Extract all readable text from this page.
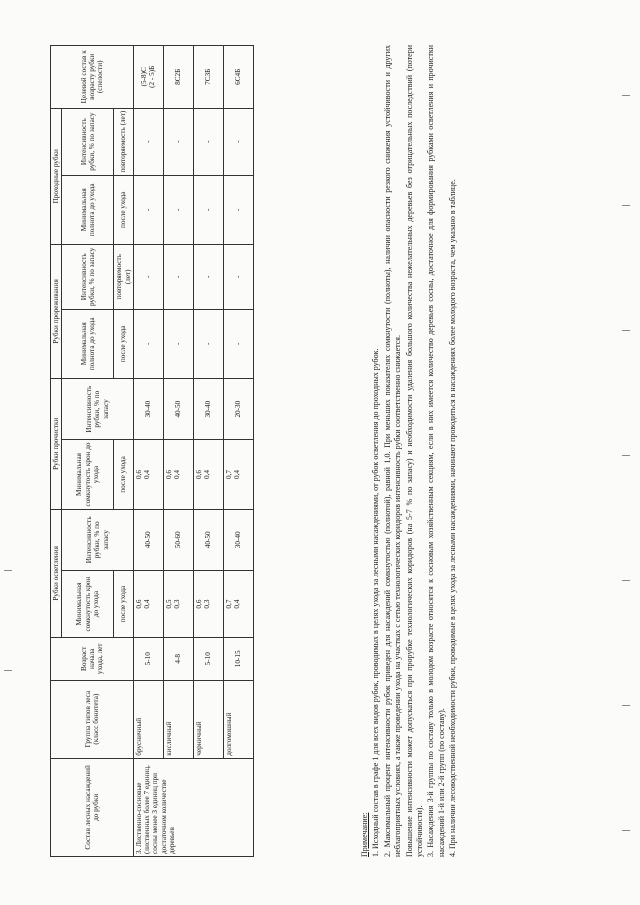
Состав лесных насаждений до рубки	Группа типов леса (класс бонитета)	Возраст начала ухода, лет	Рубки осветления		Рубки прочистки		Рубки прореживания		Проходные рубки		Целевой состав к возрасту рубки (спелости)
			Минимальная сомкнутость крон до ухода	Интенсивность рубки, % по запасу	Минимальная сомкнутость крон до ухода	Интенсивность рубки, % по запасу	Минимальная полнота до ухода	Интенсивность рубки, % по запасу	Минимальная полнота до ухода	Интенсивность рубки, % по запасу	
			после ухода		после ухода		после ухода	повторяемость (лет)	после ухода	повторяемость (лет)	
3. Лиственно-сосновые (лиственных более 7 единиц, сосны менее 3 единиц при достаточном количестве деревьев	брусничный	5-10	0,6 0,4	40-50	0,6 0,4	30-40	-	-	-	-	(5-8)С (2 - 5)Б

	кисличный	4-8	0,5 0,3	50-60	0,6 0,4	40-50	-	-	-	-	8С2Б

	черничный	5-10	0,6 0,3	40-50	0,6 0,4	30-40	-	-	-	-	7С3Б

	долгомошный	10-15	0,7 0,4	30-40	0,7 0,4	20-30	-	-	-	-	6С4Б

Примечание: 1. Исходный состав в графе 1 для всех видов рубок, проводимых в целях ухода за лесными насаждениями, от рубок осветления до проходных рубок. 2. Максимальный процент интенсивности рубок приведен для насаждений сомкнутостью (полнотой), равной 1,0. При меньших показателях сомкнутости (полноты), наличии опасности резкого снижения устойчивости и других неблагоприятных условиях, а также проведении ухода на участках с сетью технологических коридоров интенсивность рубки соответственно снижается. Повышение интенсивности может допускаться при прорубке технологических коридоров (на 5-7 % по запасу) и необходимости удаления большого количества нежелательных деревьев без отрицательных последствий (потери устойчивости). 3. Насаждения 3-й группы по составу только в молодом возрасте относятся к сосновым хозяйственным секциям, если в них имеется количество деревьев сосны, достаточное для формирования рубками осветления и прочистки насаждений 1-й или 2-й групп (по составу). 4. При наличии лесоводственной необходимости рубки, проводимые в целях ухода за лесными насаждениями, начинают проводиться в насаждениях более молодого возраста, чем указано в таблице.
